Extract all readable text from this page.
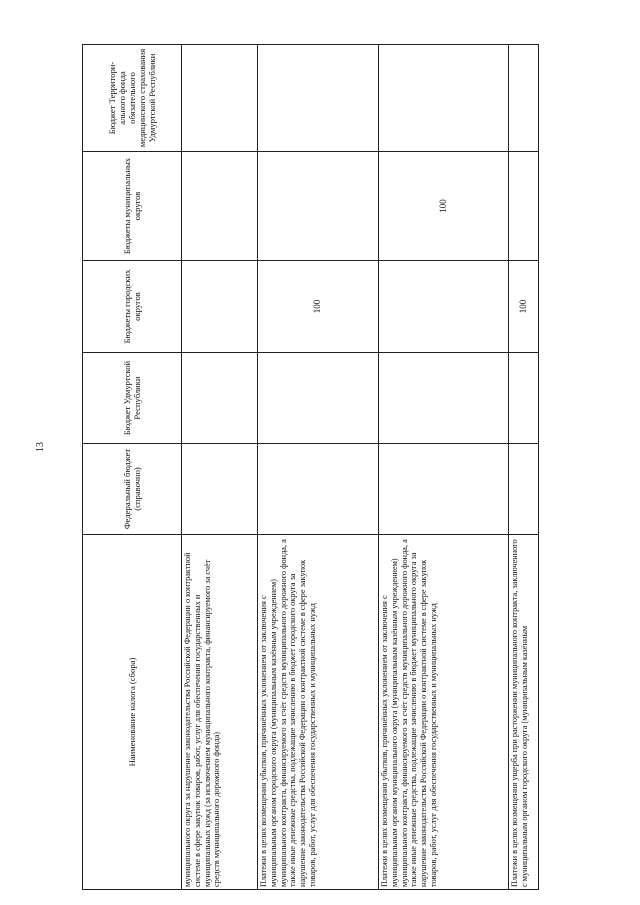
13
Наименование налога (сбора)	Федеральный бюджет (справочно)	Бюджет Удмуртской Республики	Бюджеты городских округов	Бюджеты муниципальных округов	Бюджет Территори-ального фонда обязательного медицинского страхования Удмуртской Республики
муниципального округа за нарушение законодательства Российской Федерации о контрактной системе в сфере закупок товаров, работ, услуг для обеспечения государственных и муниципальных нужд (за исключением муниципального контракта, финансируемого за счёт средств муниципального дорожного фонда)					
Платежи в целях возмещения убытков, причинённых уклонением от заключения с муниципальным органом городского округа (муниципальным казённым учреждением) муниципального контракта, финансируемого за счёт средств муниципального дорожного фонда, а также иные денежные средства, подлежащие зачислению в бюджет городского округа за нарушение законодательства Российской Федерации о контрактной системе в сфере закупок товаров, работ, услуг для обеспечения государственных и муниципальных нужд			100		
Платежи в целях возмещения убытков, причинённых уклонением от заключения с муниципальным органом муниципального округа (муниципальным казённым учреждением) муниципального контракта, финансируемого за счёт средств муниципального дорожного фонда, а также иные денежные средства, подлежащие зачислению в бюджет муниципального округа за нарушение законодательства Российской Федерации о контрактной системе в сфере закупок товаров, работ, услуг для обеспечения государственных и муниципальных нужд				100	
Платежи в целях возмещения ущерба при расторжении муниципального контракта, заключенного с муниципальным органом городского округа (муниципальным казённым			100		
